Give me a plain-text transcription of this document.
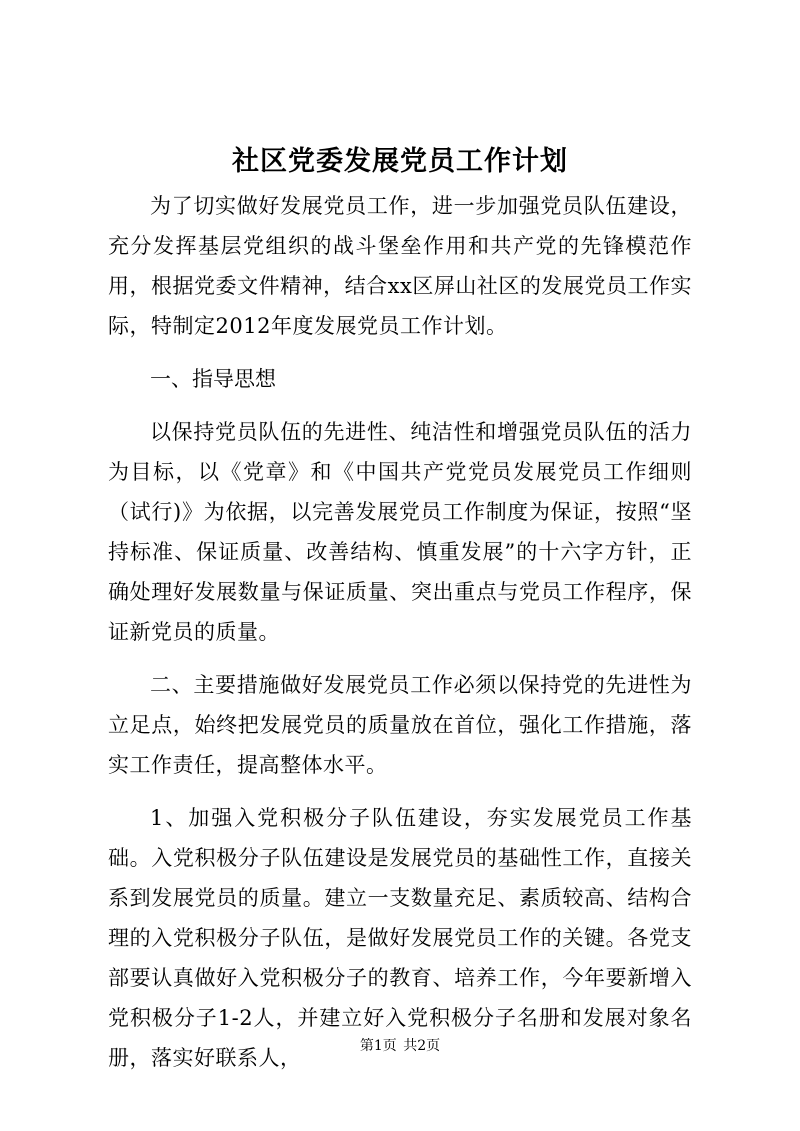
社区党委发展党员工作计划

为了切实做好发展党员工作，进一步加强党员队伍建设，充分发挥基层党组织的战斗堡垒作用和共产党的先锋模范作用，根据党委文件精神，结合xx区屏山社区的发展党员工作实际，特制定2012年度发展党员工作计划。

一、指导思想

以保持党员队伍的先进性、纯洁性和增强党员队伍的活力为目标，以《党章》和《中国共产党党员发展党员工作细则（试行)》为依据，以完善发展党员工作制度为保证，按照“坚持标准、保证质量、改善结构、慎重发展”的十六字方针，正确处理好发展数量与保证质量、突出重点与党员工作程序，保证新党员的质量。

二、主要措施做好发展党员工作必须以保持党的先进性为立足点，始终把发展党员的质量放在首位，强化工作措施，落实工作责任，提高整体水平。

1、加强入党积极分子队伍建设，夯实发展党员工作基础。入党积极分子队伍建设是发展党员的基础性工作，直接关系到发展党员的质量。建立一支数量充足、素质较高、结构合理的入党积极分子队伍，是做好发展党员工作的关键。各党支部要认真做好入党积极分子的教育、培养工作，今年要新增入党积极分子1-2人，并建立好入党积极分子名册和发展对象名册，落实好联系人，	第1页 共2页
